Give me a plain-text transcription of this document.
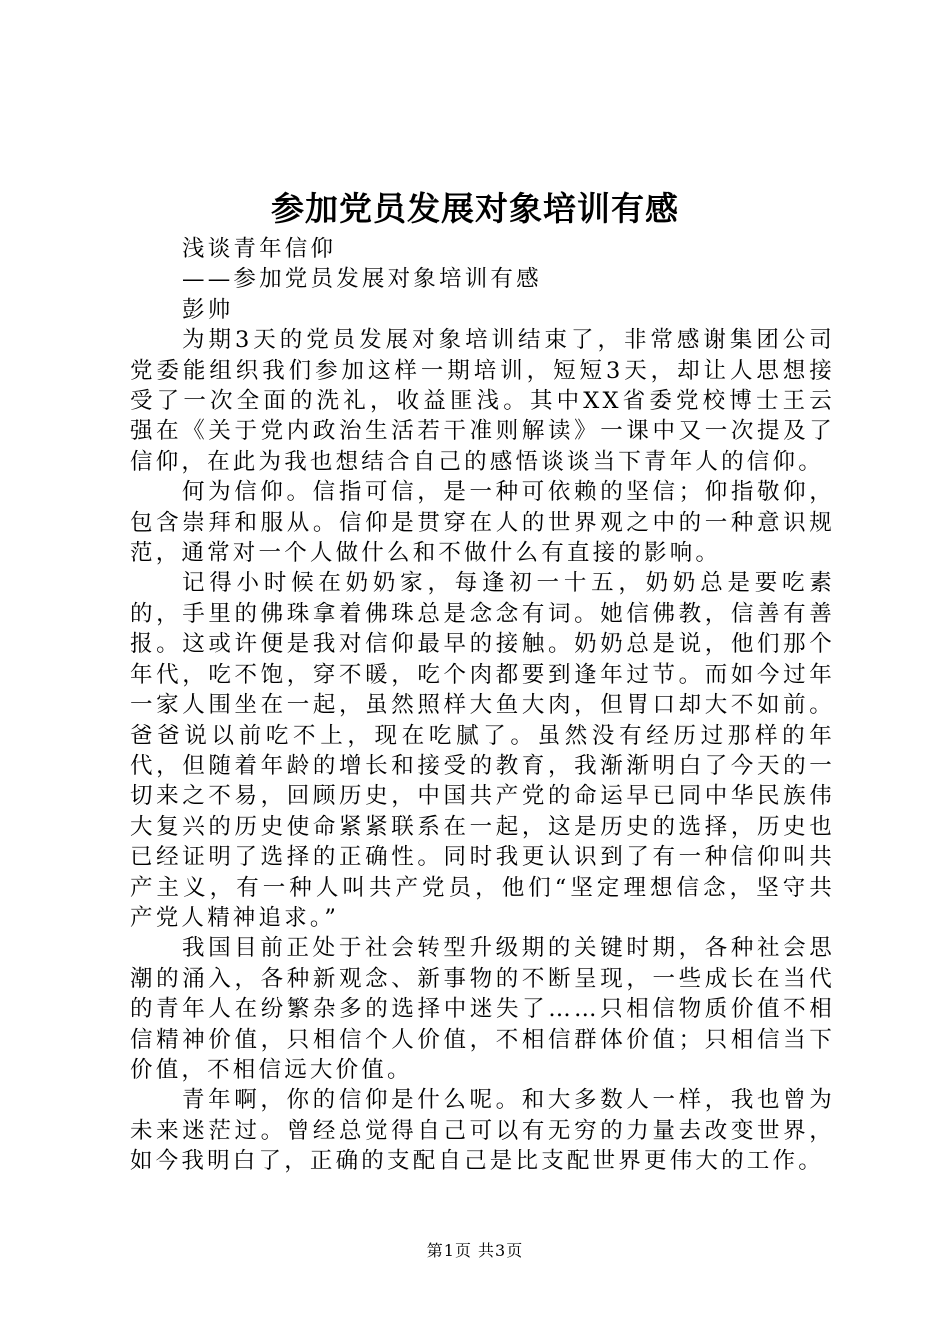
参加党员发展对象培训有感

浅谈青年信仰

——参加党员发展对象培训有感

彭帅

为期3天的党员发展对象培训结束了，非常感谢集团公司党委能组织我们参加这样一期培训，短短3天，却让人思想接受了一次全面的洗礼，收益匪浅。其中XX省委党校博士王云强在《关于党内政治生活若干准则解读》一课中又一次提及了信仰，在此为我也想结合自己的感悟谈谈当下青年人的信仰。

何为信仰。信指可信，是一种可依赖的坚信；仰指敬仰，包含崇拜和服从。信仰是贯穿在人的世界观之中的一种意识规范，通常对一个人做什么和不做什么有直接的影响。

记得小时候在奶奶家，每逢初一十五，奶奶总是要吃素的，手里的佛珠拿着佛珠总是念念有词。她信佛教，信善有善报。这或许便是我对信仰最早的接触。奶奶总是说，他们那个年代，吃不饱，穿不暖，吃个肉都要到逢年过节。而如今过年一家人围坐在一起，虽然照样大鱼大肉，但胃口却大不如前。爸爸说以前吃不上，现在吃腻了。虽然没有经历过那样的年代，但随着年龄的增长和接受的教育，我渐渐明白了今天的一切来之不易，回顾历史，中国共产党的命运早已同中华民族伟大复兴的历史使命紧紧联系在一起，这是历史的选择，历史也已经证明了选择的正确性。同时我更认识到了有一种信仰叫共产主义，有一种人叫共产党员，他们“坚定理想信念，坚守共产党人精神追求。”

我国目前正处于社会转型升级期的关键时期，各种社会思潮的涌入，各种新观念、新事物的不断呈现，一些成长在当代的青年人在纷繁杂多的选择中迷失了……只相信物质价值不相信精神价值，只相信个人价值，不相信群体价值；只相信当下价值，不相信远大价值。

青年啊，你的信仰是什么呢。和大多数人一样，我也曾为未来迷茫过。曾经总觉得自己可以有无穷的力量去改变世界，如今我明白了，正确的支配自己是比支配世界更伟大的工作。

第1页 共3页
